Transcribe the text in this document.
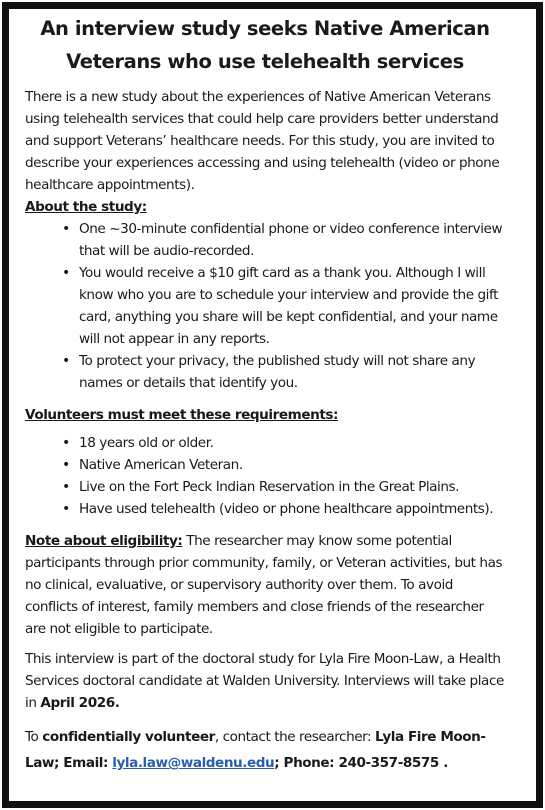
An interview study seeks Native American
Veterans who use telehealth services

There is a new study about the experiences of Native American Veterans using telehealth services that could help care providers better understand and support Veterans’ healthcare needs. For this study, you are invited to describe your experiences accessing and using telehealth (video or phone healthcare appointments).

About the study:

• One ~30-minute confidential phone or video conference interview that will be audio-recorded.
• You would receive a $10 gift card as a thank you. Although I will know who you are to schedule your interview and provide the gift card, anything you share will be kept confidential, and your name will not appear in any reports.
• To protect your privacy, the published study will not share any names or details that identify you.

Volunteers must meet these requirements:

• 18 years old or older.
• Native American Veteran.
• Live on the Fort Peck Indian Reservation in the Great Plains.
• Have used telehealth (video or phone healthcare appointments).

Note about eligibility: The researcher may know some potential participants through prior community, family, or Veteran activities, but has no clinical, evaluative, or supervisory authority over them. To avoid conflicts of interest, family members and close friends of the researcher are not eligible to participate.

This interview is part of the doctoral study for Lyla Fire Moon-Law, a Health Services doctoral candidate at Walden University. Interviews will take place in April 2026.

To confidentially volunteer, contact the researcher: Lyla Fire Moon-Law; Email: lyla.law@waldenu.edu; Phone: 240-357-8575 .
